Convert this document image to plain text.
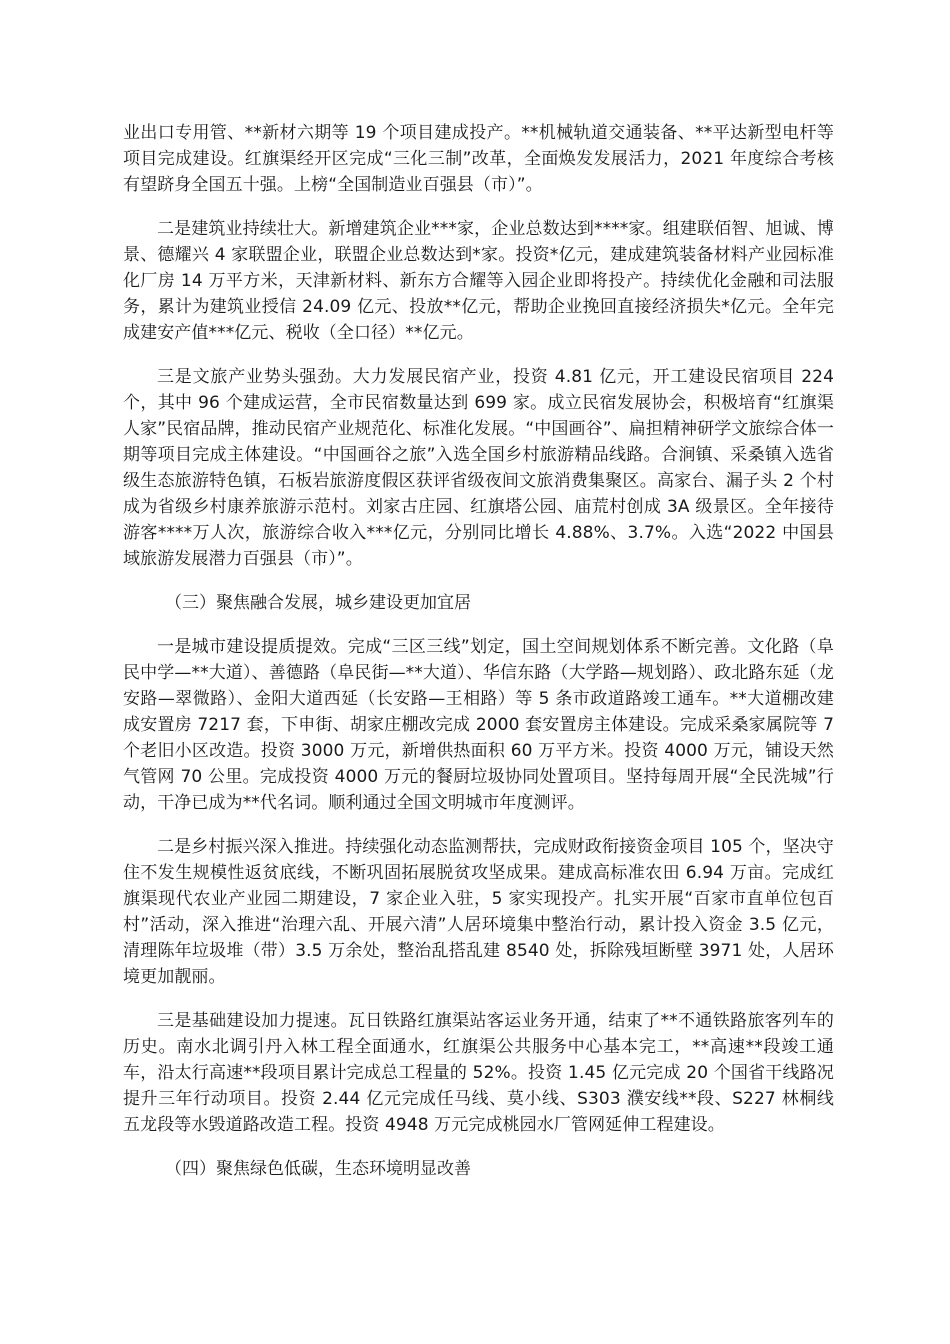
业出口专用管、**新材六期等 19 个项目建成投产。**机械轨道交通装备、**平达新型电杆等项目完成建设。红旗渠经开区完成“三化三制”改革，全面焕发发展活力，2021 年度综合考核有望跻身全国五十强。上榜“全国制造业百强县（市）”。

二是建筑业持续壮大。新增建筑企业***家，企业总数达到****家。组建联佰智、旭诚、博景、德耀兴 4 家联盟企业，联盟企业总数达到*家。投资*亿元，建成建筑装备材料产业园标准化厂房 14 万平方米，天津新材料、新东方合耀等入园企业即将投产。持续优化金融和司法服务，累计为建筑业授信 24.09 亿元、投放**亿元，帮助企业挽回直接经济损失*亿元。全年完成建安产值***亿元、税收（全口径）**亿元。

三是文旅产业势头强劲。大力发展民宿产业，投资 4.81 亿元，开工建设民宿项目 224 个，其中 96 个建成运营，全市民宿数量达到 699 家。成立民宿发展协会，积极培育“红旗渠人家”民宿品牌，推动民宿产业规范化、标准化发展。“中国画谷”、扁担精神研学文旅综合体一期等项目完成主体建设。“中国画谷之旅”入选全国乡村旅游精品线路。合涧镇、采桑镇入选省级生态旅游特色镇，石板岩旅游度假区获评省级夜间文旅消费集聚区。高家台、漏子头 2 个村成为省级乡村康养旅游示范村。刘家古庄园、红旗塔公园、庙荒村创成 3A 级景区。全年接待游客****万人次，旅游综合收入***亿元，分别同比增长 4.88%、3.7%。入选“2022 中国县域旅游发展潜力百强县（市）”。

（三）聚焦融合发展，城乡建设更加宜居

一是城市建设提质提效。完成“三区三线”划定，国土空间规划体系不断完善。文化路（阜民中学—**大道）、善德路（阜民街—**大道）、华信东路（大学路—规划路）、政北路东延（龙安路—翠微路）、金阳大道西延（长安路—王相路）等 5 条市政道路竣工通车。**大道棚改建成安置房 7217 套，下申街、胡家庄棚改完成 2000 套安置房主体建设。完成采桑家属院等 7 个老旧小区改造。投资 3000 万元，新增供热面积 60 万平方米。投资 4000 万元，铺设天然气管网 70 公里。完成投资 4000 万元的餐厨垃圾协同处置项目。坚持每周开展“全民洗城”行动，干净已成为**代名词。顺利通过全国文明城市年度测评。

二是乡村振兴深入推进。持续强化动态监测帮扶，完成财政衔接资金项目 105 个，坚决守住不发生规模性返贫底线，不断巩固拓展脱贫攻坚成果。建成高标准农田 6.94 万亩。完成红旗渠现代农业产业园二期建设，7 家企业入驻，5 家实现投产。扎实开展“百家市直单位包百村”活动，深入推进“治理六乱、开展六清”人居环境集中整治行动，累计投入资金 3.5 亿元，清理陈年垃圾堆（带）3.5 万余处，整治乱搭乱建 8540 处，拆除残垣断壁 3971 处，人居环境更加靓丽。

三是基础建设加力提速。瓦日铁路红旗渠站客运业务开通，结束了**不通铁路旅客列车的历史。南水北调引丹入林工程全面通水，红旗渠公共服务中心基本完工，**高速**段竣工通车，沿太行高速**段项目累计完成总工程量的 52%。投资 1.45 亿元完成 20 个国省干线路况提升三年行动项目。投资 2.44 亿元完成任马线、莫小线、S303 濮安线**段、S227 林桐线五龙段等水毁道路改造工程。投资 4948 万元完成桃园水厂管网延伸工程建设。

（四）聚焦绿色低碳，生态环境明显改善
